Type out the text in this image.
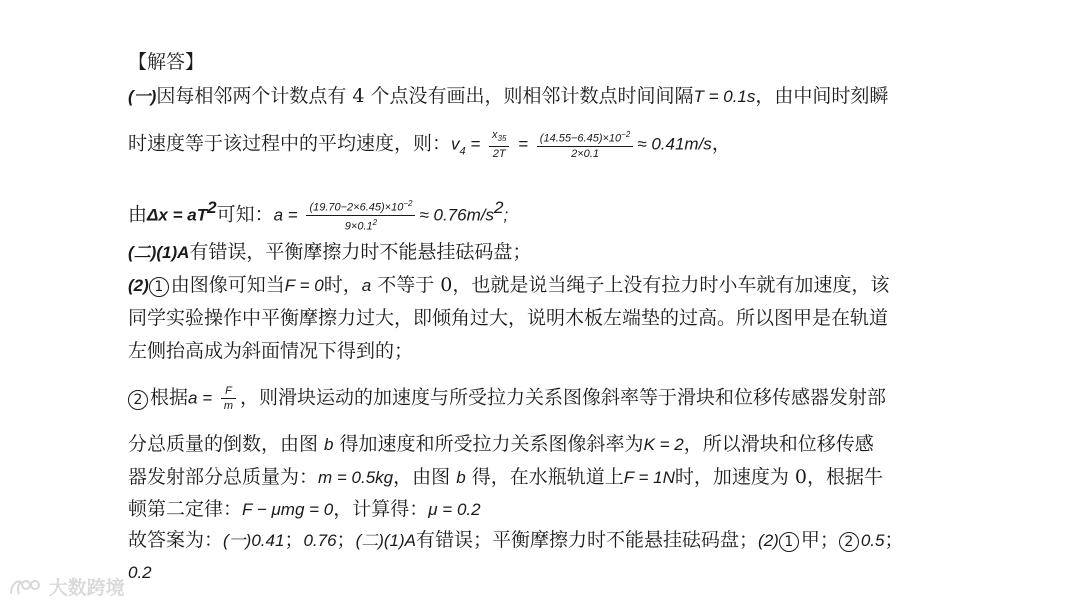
【解答】
(一)因每相邻两个计数点有 4 个点没有画出，则相邻计数点时间间隔T = 0.1s，由中间时刻瞬
时速度等于该过程中的平均速度，则：$v_4 = \frac{x_{35}}{2T} = \frac{(14.55-6.45)\times 10^{-2}}{2\times 0.1} \approx 0.41m/s$，
由$\Delta x = aT^2$可知：$a = \frac{(19.70-2\times 6.45)\times 10^{-2}}{9\times 0.1^2} \approx 0.76m/s^2$;
(二)(1)A有错误，平衡摩擦力时不能悬挂砝码盘；
(2) 1 由图像可知当F = 0时，a 不等于 0，也就是说当绳子上没有拉力时小车就有加速度，该
同学实验操作中平衡摩擦力过大，即倾角过大，说明木板左端垫的过高。所以图甲是在轨道
左侧抬高成为斜面情况下得到的；
2 根据$a = \frac{F}{m}$ ，则滑块运动的加速度与所受拉力关系图像斜率等于滑块和位移传感器发射部
分总质量的倒数，由图 b 得加速度和所受拉力关系图像斜率为K = 2，所以滑块和位移传感
器发射部分总质量为：m = 0.5kg，由图 b 得，在水瓶轨道上F = 1N时，加速度为 0，根据牛
顿第二定律：F − μmg = 0，计算得：μ = 0.2
故答案为：(一)0.41；0.76；(二)(1)A有错误；平衡摩擦力时不能悬挂砝码盘；(2) 1 甲； 2 0.5；
0.2
大数跨境
